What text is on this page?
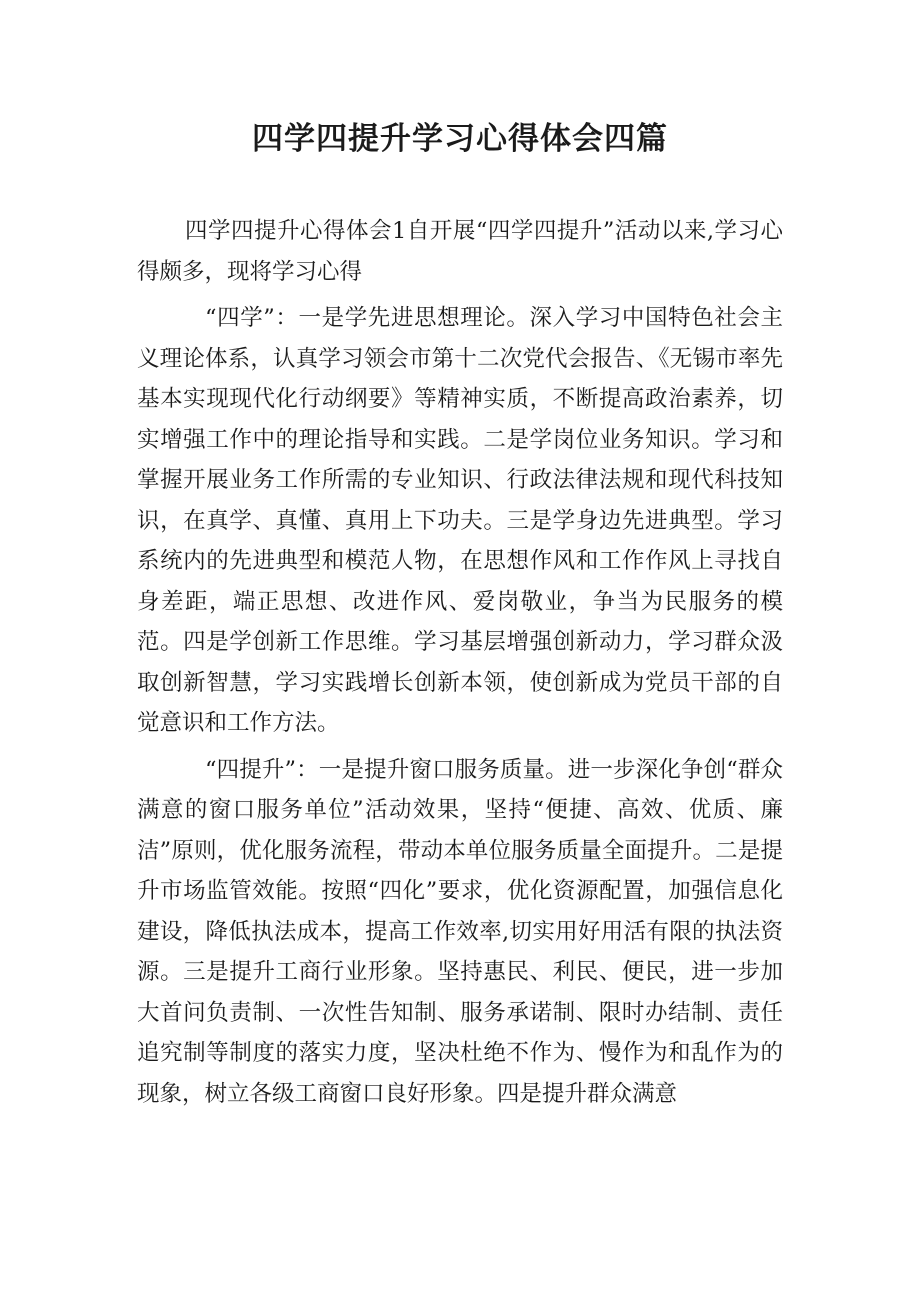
四学四提升学习心得体会四篇

四学四提升心得体会1自开展“四学四提升”活动以来,学习心得颇多，现将学习心得

“四学”：一是学先进思想理论。深入学习中国特色社会主义理论体系，认真学习领会市第十二次党代会报告、《无锡市率先基本实现现代化行动纲要》等精神实质，不断提高政治素养，切实增强工作中的理论指导和实践。二是学岗位业务知识。学习和掌握开展业务工作所需的专业知识、行政法律法规和现代科技知识，在真学、真懂、真用上下功夫。三是学身边先进典型。学习系统内的先进典型和模范人物，在思想作风和工作作风上寻找自身差距，端正思想、改进作风、爱岗敬业，争当为民服务的模范。四是学创新工作思维。学习基层增强创新动力，学习群众汲取创新智慧，学习实践增长创新本领，使创新成为党员干部的自觉意识和工作方法。

“四提升”：一是提升窗口服务质量。进一步深化争创“群众满意的窗口服务单位”活动效果，坚持“便捷、高效、优质、廉洁”原则，优化服务流程，带动本单位服务质量全面提升。二是提升市场监管效能。按照“四化”要求，优化资源配置，加强信息化建设，降低执法成本，提高工作效率,切实用好用活有限的执法资源。三是提升工商行业形象。坚持惠民、利民、便民，进一步加大首问负责制、一次性告知制、服务承诺制、限时办结制、责任追究制等制度的落实力度，坚决杜绝不作为、慢作为和乱作为的现象，树立各级工商窗口良好形象。四是提升群众满意
